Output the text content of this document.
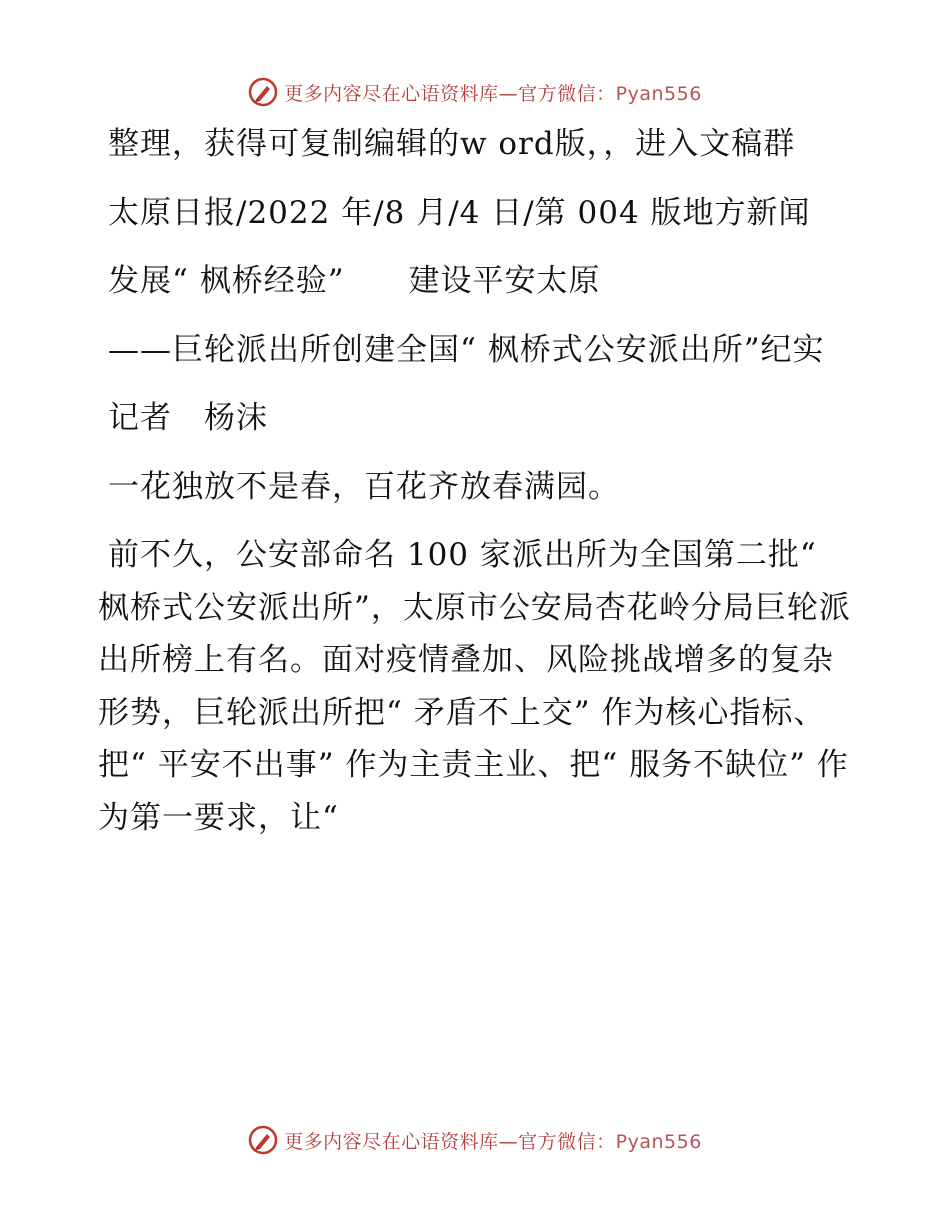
更多内容尽在心语资料库—官方微信：Pyan556

整理，获得可复制编辑的w ord版，，进入文稿群

太原日报/2022 年/8 月/4 日/第 004 版地方新闻

发展“ 枫桥经验”　　建设平安太原

——巨轮派出所创建全国“ 枫桥式公安派出所”纪实

记者　杨沫

一花独放不是春，百花齐放春满园。

前不久，公安部命名 100 家派出所为全国第二批“ 枫桥式公安派出所”，太原市公安局杏花岭分局巨轮派出所榜上有名。面对疫情叠加、风险挑战增多的复杂形势，巨轮派出所把“ 矛盾不上交” 作为核心指标、把“ 平安不出事” 作为主责主业、把“ 服务不缺位” 作为第一要求，让“

更多内容尽在心语资料库—官方微信：Pyan556
